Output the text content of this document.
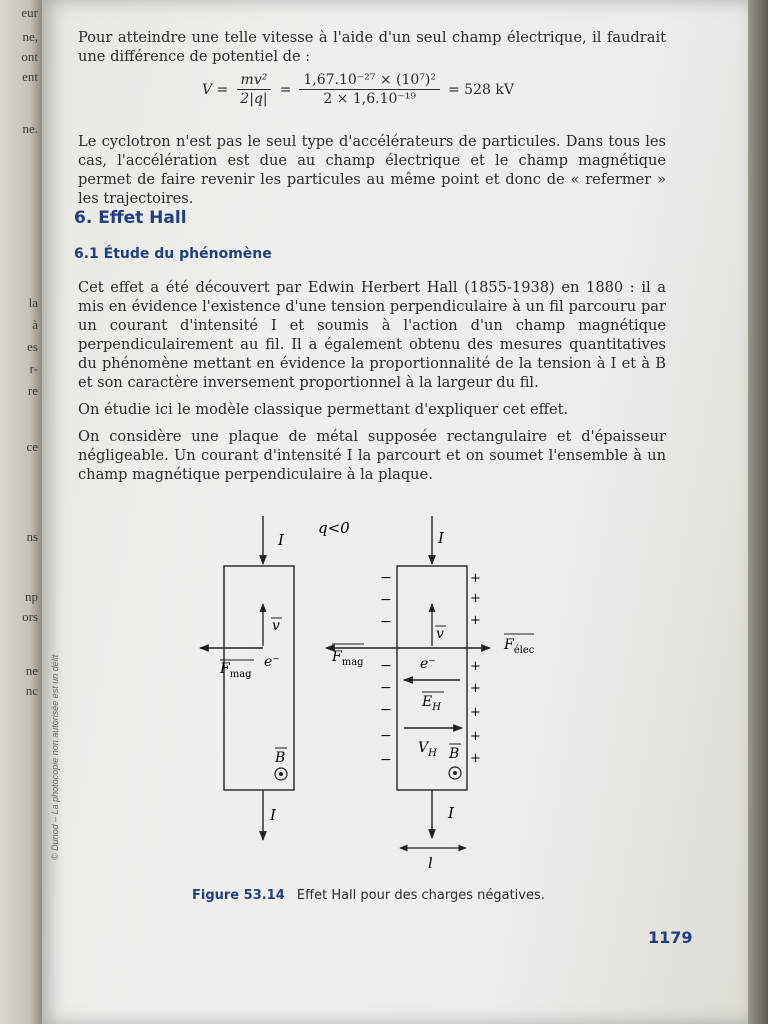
eur
ne,
ont
ent
ne.
la
à
es
r-
re
ce
ns
np
ors
ne
nc © Dunod – La photocopie non autorisée est un délit

Pour atteindre une telle vitesse à l'aide d'un seul champ électrique, il faudrait une différence de potentiel de :

$V = \frac{\text{mv²}}{2|q|} = \frac{\text{1,67.10⁻²⁷ × (10⁷)²}}{\text{2 × 1,6.10⁻¹⁹}} = 528$ kV

Le cyclotron n'est pas le seul type d'accélérateurs de particules. Dans tous les cas, l'accélération est due au champ électrique et le champ magnétique permet de faire revenir les particules au même point et donc de « refermer » les trajectoires.

6. Effet Hall
6.1 Étude du phénomène

Cet effet a été découvert par Edwin Herbert Hall (1855-1938) en 1880 : il a mis en évidence l'existence d'une tension perpendiculaire à un fil parcouru par un courant d'intensité I et soumis à l'action d'un champ magnétique perpendiculairement au fil. Il a également obtenu des mesures quantitatives du phénomène mettant en évidence la proportionnalité de la tension à I et à B et son caractère inversement proportionnel à la largeur du fil.

On étudie ici le modèle classique permettant d'expliquer cet effet.

On considère une plaque de métal supposée rectangulaire et d'épaisseur négligeable. Un courant d'intensité I la parcourt et on soumet l'ensemble à un champ magnétique perpendiculaire à la plaque.

I
v
e⁻
$F_{mag}$
B
I
q<0
I
−
−
−
−
−
−
−
−
+
+
+
+
+
+
+
+
v
$F_{mag}$
$F_{élec}$
e⁻
$E_H$
$V_H$ B
I
l
Figure 53.14 Effet Hall pour des charges négatives.
1179
